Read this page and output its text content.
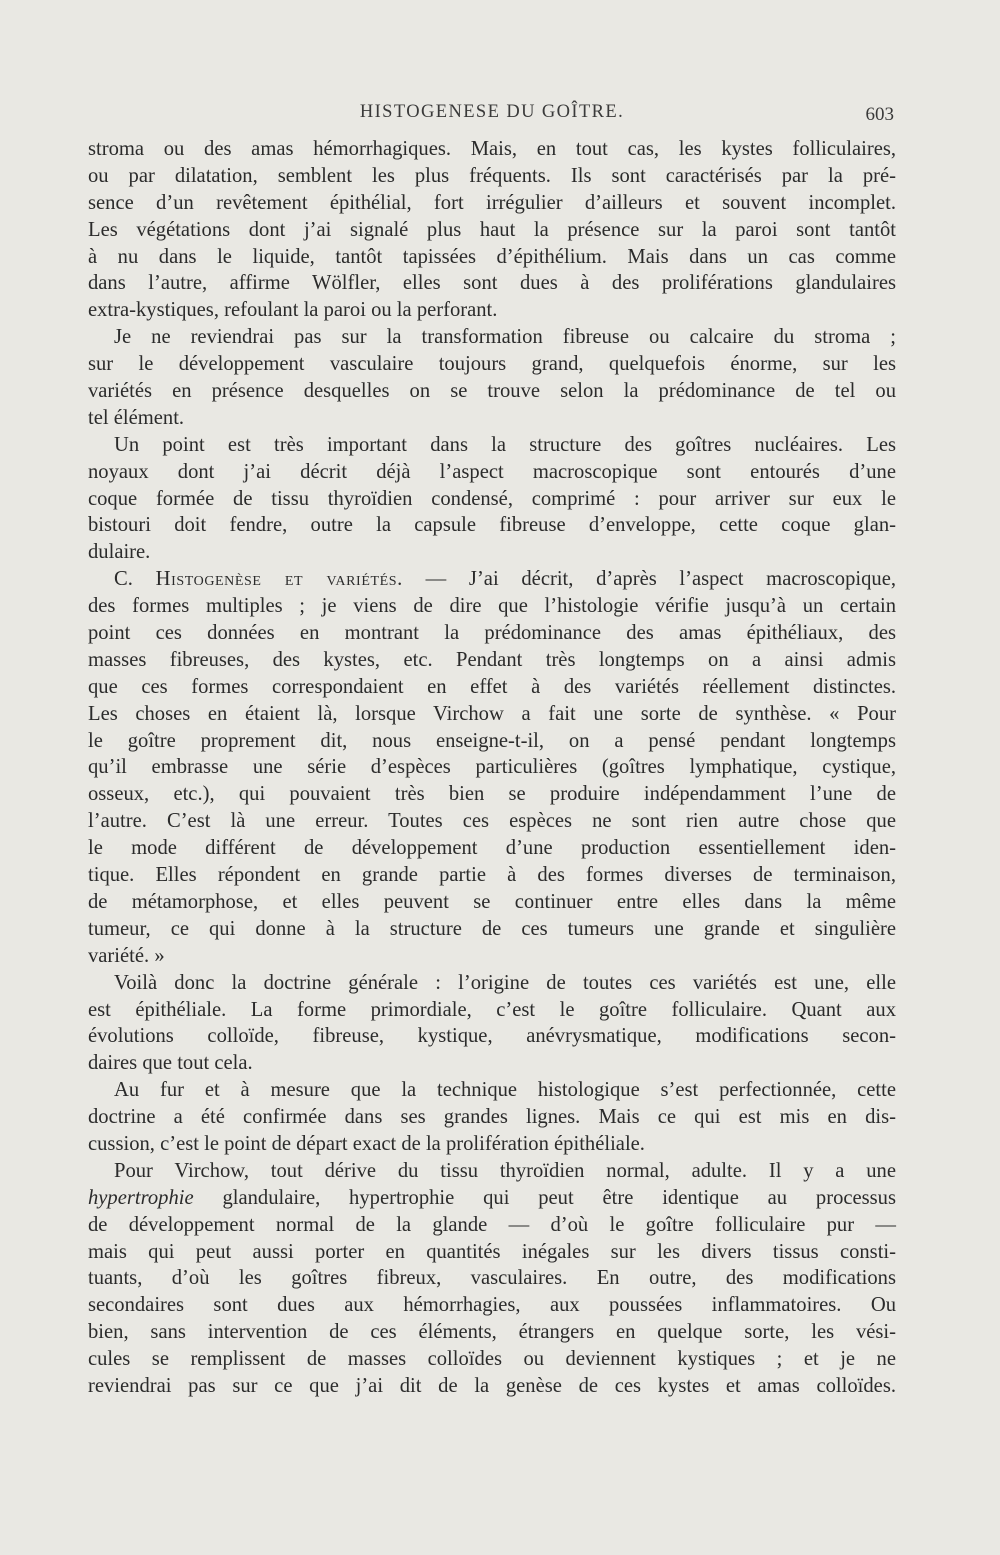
HISTOGENESE DU GOÎTRE.	603
stroma ou des amas hémorrhagiques. Mais, en tout cas, les kystes folliculaires,
ou par dilatation, semblent les plus fréquents. Ils sont caractérisés par la pré-
sence d’un revêtement épithélial, fort irrégulier d’ailleurs et souvent incomplet.
Les végétations dont j’ai signalé plus haut la présence sur la paroi sont tantôt
à nu dans le liquide, tantôt tapissées d’épithélium. Mais dans un cas comme
dans l’autre, affirme Wölfler, elles sont dues à des proliférations glandulaires
extra-kystiques, refoulant la paroi ou la perforant.
Je ne reviendrai pas sur la transformation fibreuse ou calcaire du stroma ;
sur le développement vasculaire toujours grand, quelquefois énorme, sur les
variétés en présence desquelles on se trouve selon la prédominance de tel ou
tel élément.
Un point est très important dans la structure des goîtres nucléaires. Les
noyaux dont j’ai décrit déjà l’aspect macroscopique sont entourés d’une
coque formée de tissu thyroïdien condensé, comprimé : pour arriver sur eux le
bistouri doit fendre, outre la capsule fibreuse d’enveloppe, cette coque glan-
dulaire.
C. Histogenèse et variétés. — J’ai décrit, d’après l’aspect macroscopique,
des formes multiples ; je viens de dire que l’histologie vérifie jusqu’à un certain
point ces données en montrant la prédominance des amas épithéliaux, des
masses fibreuses, des kystes, etc. Pendant très longtemps on a ainsi admis
que ces formes correspondaient en effet à des variétés réellement distinctes.
Les choses en étaient là, lorsque Virchow a fait une sorte de synthèse. « Pour
le goître proprement dit, nous enseigne-t-il, on a pensé pendant longtemps
qu’il embrasse une série d’espèces particulières (goîtres lymphatique, cystique,
osseux, etc.), qui pouvaient très bien se produire indépendamment l’une de
l’autre. C’est là une erreur. Toutes ces espèces ne sont rien autre chose que
le mode différent de développement d’une production essentiellement iden-
tique. Elles répondent en grande partie à des formes diverses de terminaison,
de métamorphose, et elles peuvent se continuer entre elles dans la même
tumeur, ce qui donne à la structure de ces tumeurs une grande et singulière
variété. »
Voilà donc la doctrine générale : l’origine de toutes ces variétés est une, elle
est épithéliale. La forme primordiale, c’est le goître folliculaire. Quant aux
évolutions colloïde, fibreuse, kystique, anévrysmatique, modifications secon-
daires que tout cela.
Au fur et à mesure que la technique histologique s’est perfectionnée, cette
doctrine a été confirmée dans ses grandes lignes. Mais ce qui est mis en dis-
cussion, c’est le point de départ exact de la prolifération épithéliale.
Pour Virchow, tout dérive du tissu thyroïdien normal, adulte. Il y a une
hypertrophie glandulaire, hypertrophie qui peut être identique au processus
de développement normal de la glande — d’où le goître folliculaire pur —
mais qui peut aussi porter en quantités inégales sur les divers tissus consti-
tuants, d’où les goîtres fibreux, vasculaires. En outre, des modifications
secondaires sont dues aux hémorrhagies, aux poussées inflammatoires. Ou
bien, sans intervention de ces éléments, étrangers en quelque sorte, les vési-
cules se remplissent de masses colloïdes ou deviennent kystiques ; et je ne
reviendrai pas sur ce que j’ai dit de la genèse de ces kystes et amas colloïdes.
